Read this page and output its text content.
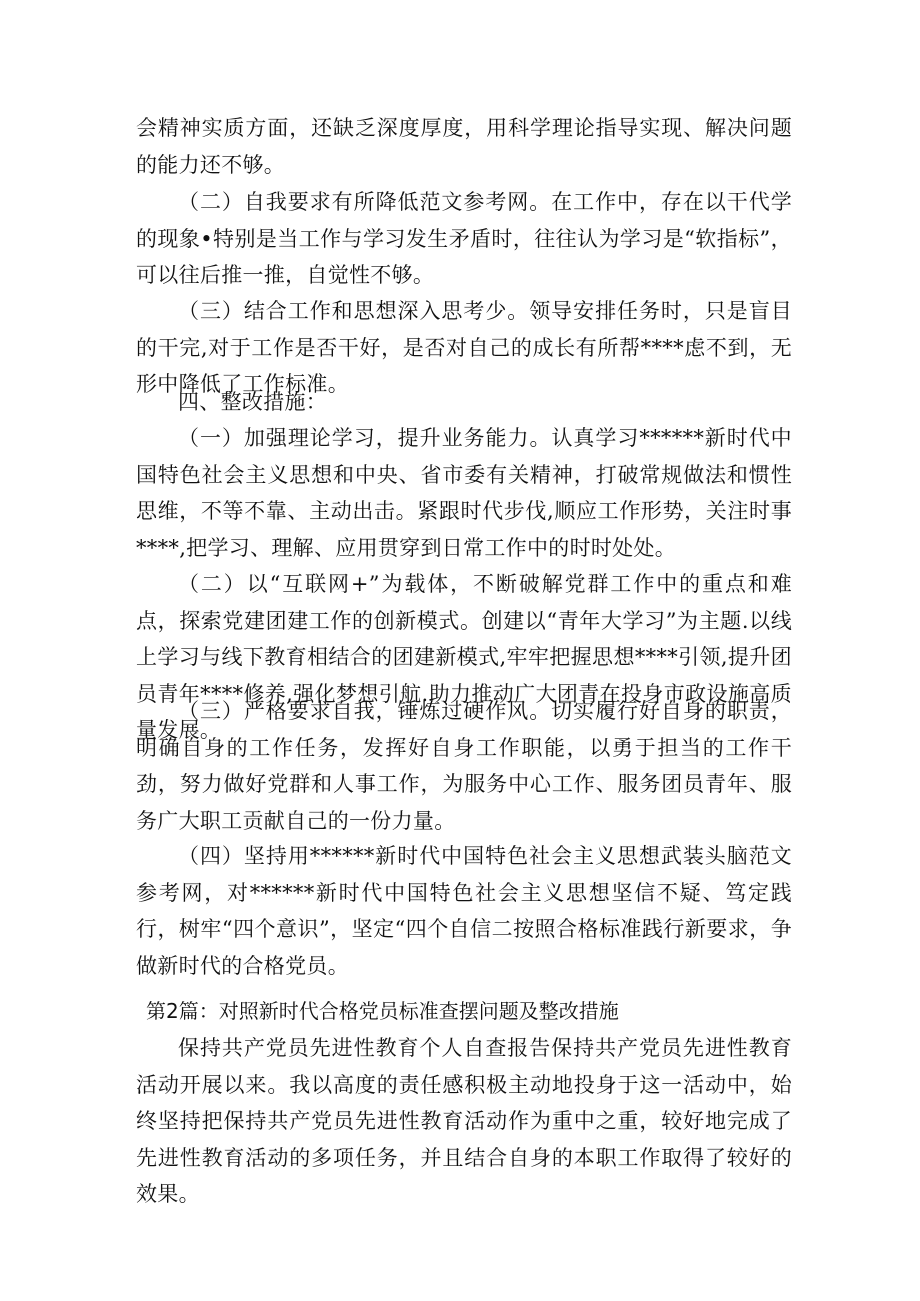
会精神实质方面，还缺乏深度厚度，用科学理论指导实现、解决问题的能力还不够。

（二）自我要求有所降低范文参考网。在工作中，存在以干代学的现象•特别是当工作与学习发生矛盾时，往往认为学习是“软指标”，可以往后推一推，自觉性不够。

（三）结合工作和思想深入思考少。领导安排任务时，只是盲目的干完,对于工作是否干好，是否对自己的成长有所帮****虑不到，无形中降低了工作标准。

四、整改措施：

（一）加强理论学习，提升业务能力。认真学习******新时代中国特色社会主义思想和中央、省市委有关精神，打破常规做法和惯性思维，不等不靠、主动出击。紧跟时代步伐,顺应工作形势，关注时事****,把学习、理解、应用贯穿到日常工作中的时时处处。

（二）以“互联网+”为载体，不断破解党群工作中的重点和难点，探索党建团建工作的创新模式。创建以“青年大学习”为主题.以线上学习与线下教育相结合的团建新模式,牢牢把握思想****引领,提升团员青年****修养,强化梦想引航.助力推动广大团青在投身市政设施高质量发展。

（三）严格要求自我，锤炼过硬作风。切实履行好自身的职责，明确自身的工作任务，发挥好自身工作职能，以勇于担当的工作干劲，努力做好党群和人事工作，为服务中心工作、服务团员青年、服务广大职工贡献自己的一份力量。

（四）坚持用******新时代中国特色社会主义思想武装头脑范文参考网，对******新时代中国特色社会主义思想坚信不疑、笃定践行，树牢“四个意识”，坚定“四个自信二按照合格标准践行新要求，争做新时代的合格党员。

第2篇：对照新时代合格党员标准查摆问题及整改措施

保持共产党员先进性教育个人自查报告保持共产党员先进性教育活动开展以来。我以高度的责任感积极主动地投身于这一活动中，始终坚持把保持共产党员先进性教育活动作为重中之重，较好地完成了先进性教育活动的多项任务，并且结合自身的本职工作取得了较好的效果。
